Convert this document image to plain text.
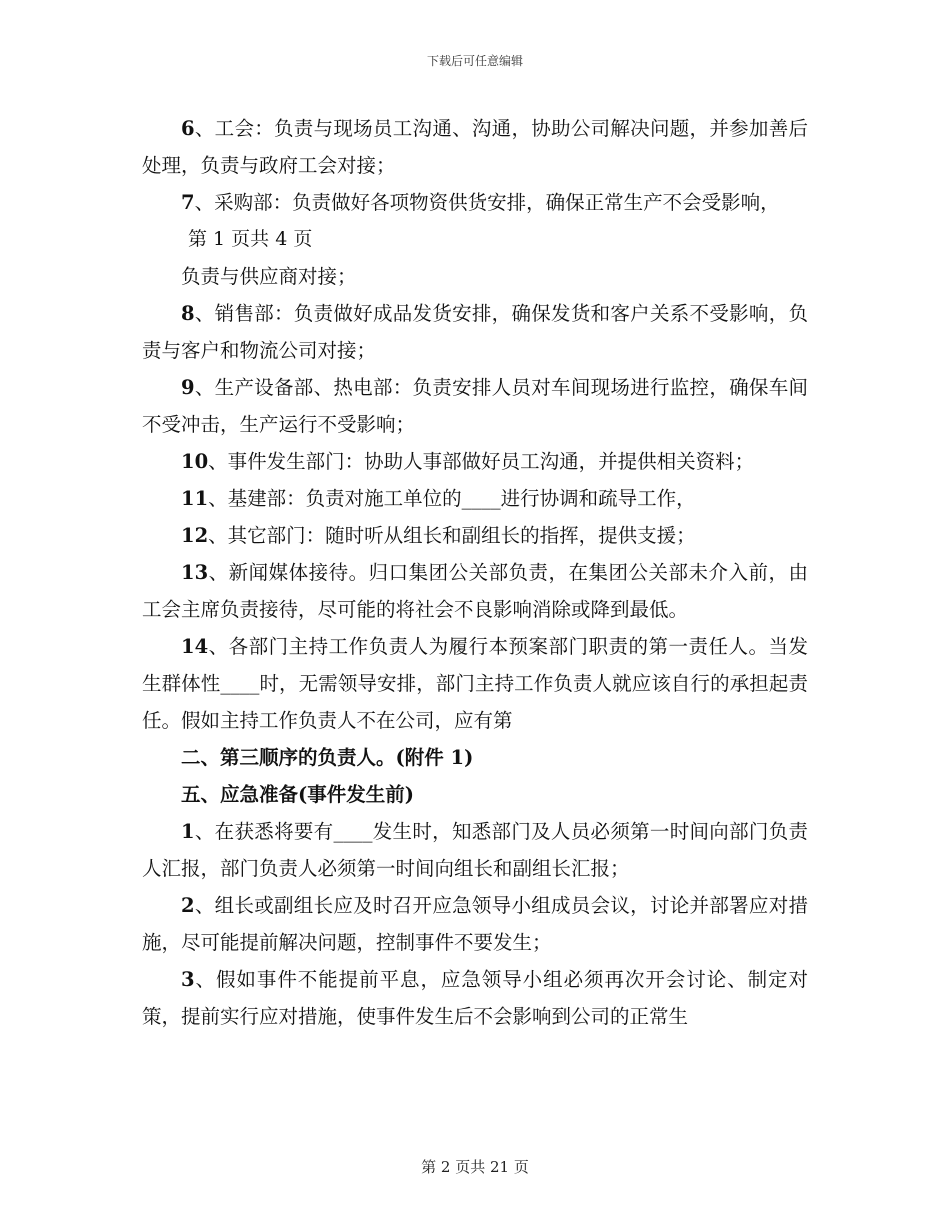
下载后可任意编辑

6、工会：负责与现场员工沟通、沟通，协助公司解决问题，并参加善后处理，负责与政府工会对接；

7、采购部：负责做好各项物资供货安排，确保正常生产不会受影响，

第 1 页共 4 页

负责与供应商对接；

8、销售部：负责做好成品发货安排，确保发货和客户关系不受影响，负责与客户和物流公司对接；

9、生产设备部、热电部：负责安排人员对车间现场进行监控，确保车间不受冲击，生产运行不受影响；

10、事件发生部门：协助人事部做好员工沟通，并提供相关资料；

11、基建部：负责对施工单位的____进行协调和疏导工作，

12、其它部门：随时听从组长和副组长的指挥，提供支援；

13、新闻媒体接待。归口集团公关部负责，在集团公关部未介入前，由工会主席负责接待，尽可能的将社会不良影响消除或降到最低。

14、各部门主持工作负责人为履行本预案部门职责的第一责任人。当发生群体性____时，无需领导安排，部门主持工作负责人就应该自行的承担起责任。假如主持工作负责人不在公司，应有第

二、第三顺序的负责人。(附件 1)

五、应急准备(事件发生前)

1、在获悉将要有____发生时，知悉部门及人员必须第一时间向部门负责人汇报，部门负责人必须第一时间向组长和副组长汇报；

2、组长或副组长应及时召开应急领导小组成员会议，讨论并部署应对措施，尽可能提前解决问题，控制事件不要发生；

3、假如事件不能提前平息，应急领导小组必须再次开会讨论、制定对策，提前实行应对措施，使事件发生后不会影响到公司的正常生

第 2 页共 21 页
